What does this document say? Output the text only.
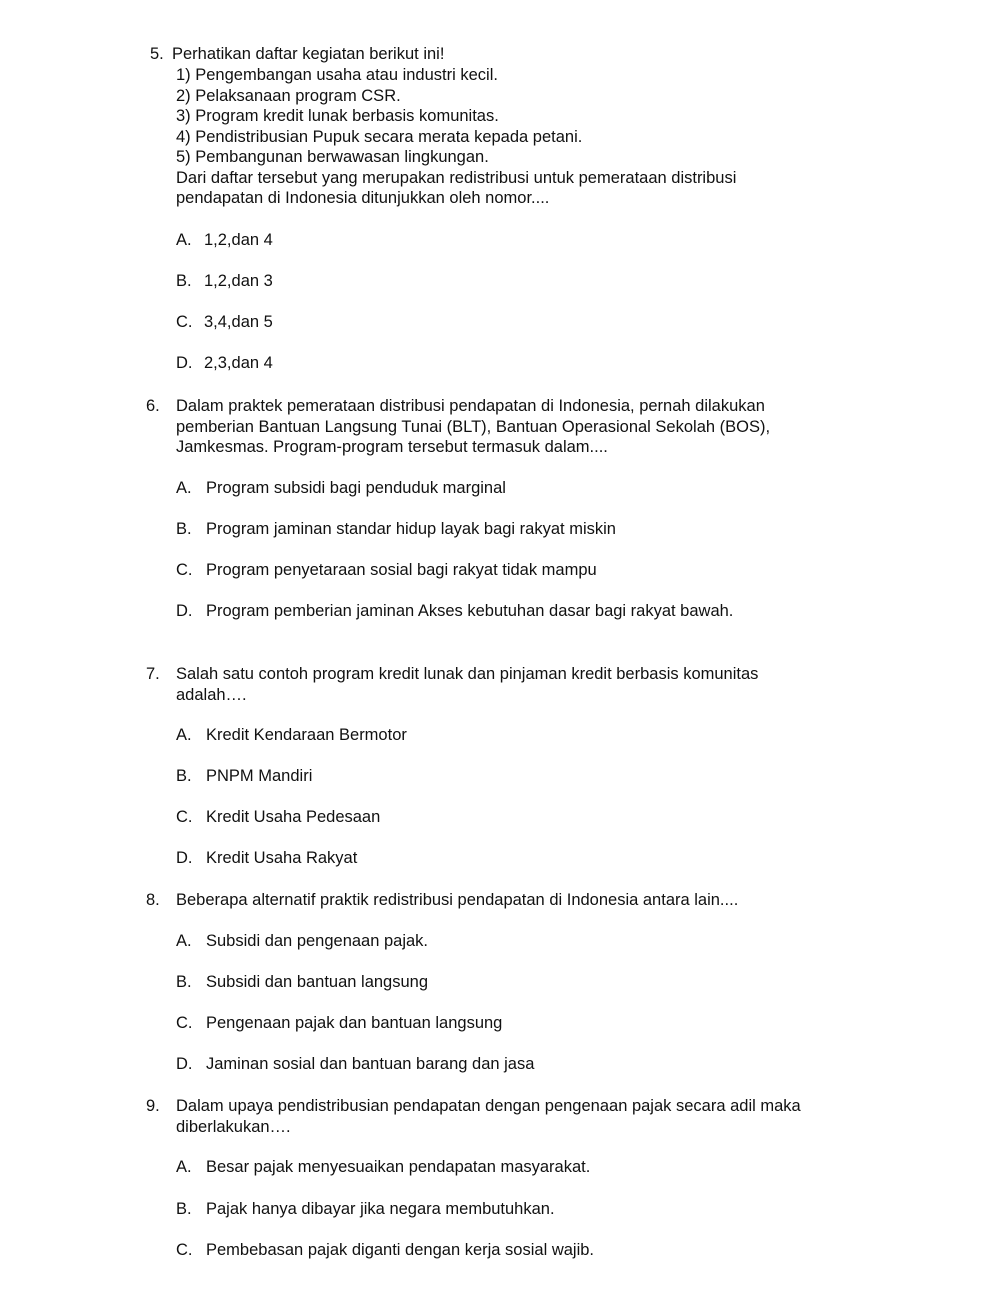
5. Perhatikan daftar kegiatan berikut ini!
1) Pengembangan usaha atau industri kecil.
2) Pelaksanaan program CSR.
3) Program kredit lunak berbasis komunitas.
4) Pendistribusian Pupuk secara merata kepada petani.
5) Pembangunan berwawasan lingkungan.
Dari daftar tersebut yang merupakan redistribusi untuk pemerataan distribusi
pendapatan di Indonesia ditunjukkan oleh nomor....
A. 1,2,dan 4
B. 1,2,dan 3
C. 3,4,dan 5
D. 2,3,dan 4
6. Dalam praktek pemerataan distribusi pendapatan di Indonesia, pernah dilakukan
pemberian Bantuan Langsung Tunai (BLT), Bantuan Operasional Sekolah (BOS),
Jamkesmas. Program-program tersebut termasuk dalam....
A. Program subsidi bagi penduduk marginal
B. Program jaminan standar hidup layak bagi rakyat miskin
C. Program penyetaraan sosial bagi rakyat tidak mampu
D. Program pemberian jaminan Akses kebutuhan dasar bagi rakyat bawah.
7. Salah satu contoh program kredit lunak dan pinjaman kredit berbasis komunitas
adalah….
A. Kredit Kendaraan Bermotor
B. PNPM Mandiri
C. Kredit Usaha Pedesaan
D. Kredit Usaha Rakyat
8. Beberapa alternatif praktik redistribusi pendapatan di Indonesia antara lain....
A. Subsidi dan pengenaan pajak.
B. Subsidi dan bantuan langsung
C. Pengenaan pajak dan bantuan langsung
D. Jaminan sosial dan bantuan barang dan jasa
9. Dalam upaya pendistribusian pendapatan dengan pengenaan pajak secara adil maka
diberlakukan….
A. Besar pajak menyesuaikan pendapatan masyarakat.
B. Pajak hanya dibayar jika negara membutuhkan.
C. Pembebasan pajak diganti dengan kerja sosial wajib.
